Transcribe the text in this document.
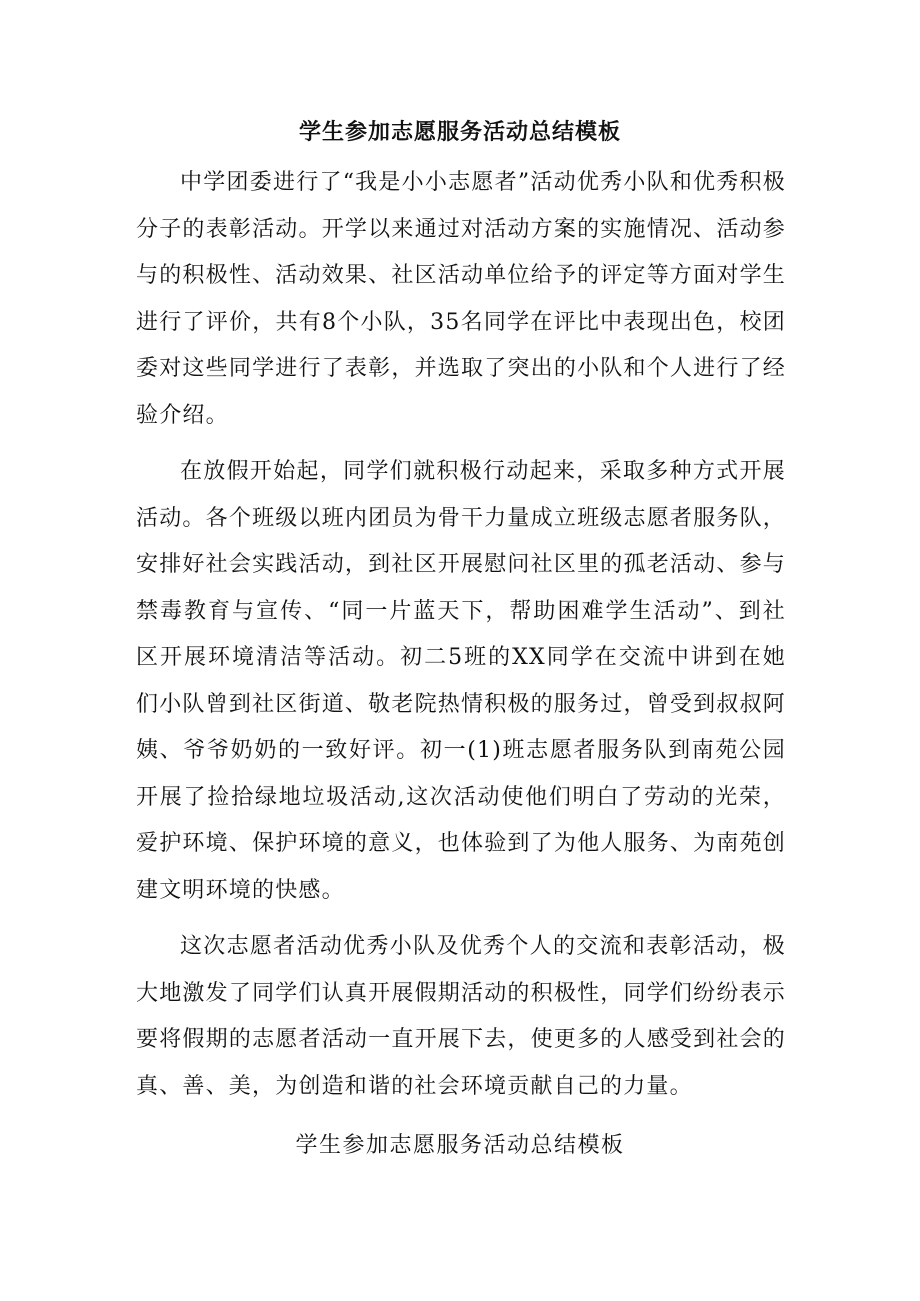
学生参加志愿服务活动总结模板

中学团委进行了“我是小小志愿者”活动优秀小队和优秀积极分子的表彰活动。开学以来通过对活动方案的实施情况、活动参与的积极性、活动效果、社区活动单位给予的评定等方面对学生进行了评价，共有8个小队，35名同学在评比中表现出色，校团委对这些同学进行了表彰，并选取了突出的小队和个人进行了经验介绍。

在放假开始起，同学们就积极行动起来，采取多种方式开展活动。各个班级以班内团员为骨干力量成立班级志愿者服务队，安排好社会实践活动，到社区开展慰问社区里的孤老活动、参与禁毒教育与宣传、“同一片蓝天下，帮助困难学生活动”、到社区开展环境清洁等活动。初二5班的XX同学在交流中讲到在她们小队曾到社区街道、敬老院热情积极的服务过，曾受到叔叔阿姨、爷爷奶奶的一致好评。初一(1)班志愿者服务队到南苑公园开展了捡拾绿地垃圾活动,这次活动使他们明白了劳动的光荣，爱护环境、保护环境的意义，也体验到了为他人服务、为南苑创建文明环境的快感。

这次志愿者活动优秀小队及优秀个人的交流和表彰活动，极大地激发了同学们认真开展假期活动的积极性，同学们纷纷表示要将假期的志愿者活动一直开展下去，使更多的人感受到社会的真、善、美，为创造和谐的社会环境贡献自己的力量。

学生参加志愿服务活动总结模板
